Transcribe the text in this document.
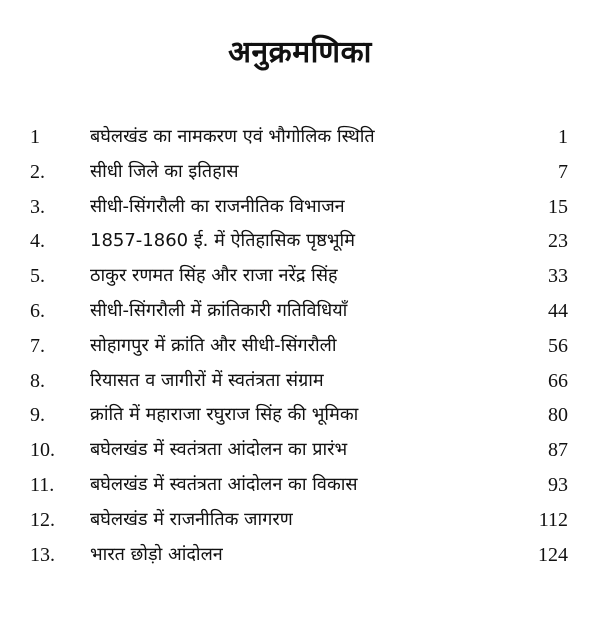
अनुक्रमणिका
1	बघेलखंड का नामकरण एवं भौगोलिक स्थिति	1
2.	सीधी जिले का इतिहास	7
3.	सीधी-सिंगरौली का राजनीतिक विभाजन	15
4.	1857-1860 ई. में ऐतिहासिक पृष्ठभूमि	23
5.	ठाकुर रणमत सिंह और राजा नरेंद्र सिंह	33
6.	सीधी-सिंगरौली में क्रांतिकारी गतिविधियाँ	44
7.	सोहागपुर में क्रांति और सीधी-सिंगरौली	56
8.	रियासत व जागीरों में स्वतंत्रता संग्राम	66
9.	क्रांति में महाराजा रघुराज सिंह की भूमिका	80
10. बघेलखंड में स्वतंत्रता आंदोलन का प्रारंभ	87
11. बघेलखंड में स्वतंत्रता आंदोलन का विकास	93
12. बघेलखंड में राजनीतिक जागरण	112
13. भारत छोड़ो आंदोलन	124
